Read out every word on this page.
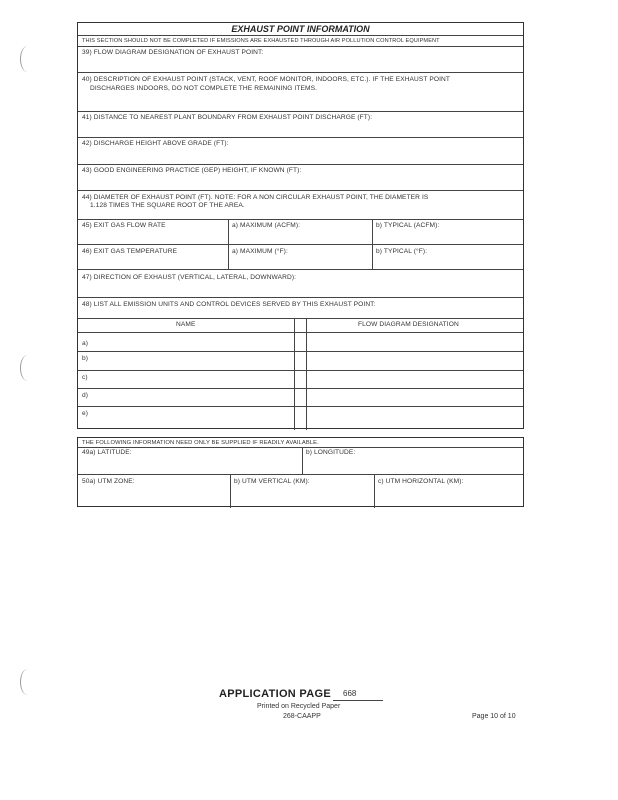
EXHAUST POINT INFORMATION
THIS SECTION SHOULD NOT BE COMPLETED IF EMISSIONS ARE EXHAUSTED THROUGH AIR POLLUTION CONTROL EQUIPMENT
39) FLOW DIAGRAM DESIGNATION OF EXHAUST POINT:
40) DESCRIPTION OF EXHAUST POINT (STACK, VENT, ROOF MONITOR, INDOORS, ETC.). IF THE EXHAUST POINT
DISCHARGES INDOORS, DO NOT COMPLETE THE REMAINING ITEMS.
41) DISTANCE TO NEAREST PLANT BOUNDARY FROM EXHAUST POINT DISCHARGE (FT):
42) DISCHARGE HEIGHT ABOVE GRADE (FT):
43) GOOD ENGINEERING PRACTICE (GEP) HEIGHT, IF KNOWN (FT):
44) DIAMETER OF EXHAUST POINT (FT). NOTE: FOR A NON CIRCULAR EXHAUST POINT, THE DIAMETER IS
1.128 TIMES THE SQUARE ROOT OF THE AREA.
45) EXIT GAS FLOW RATE	a) MAXIMUM (ACFM):	b) TYPICAL (ACFM):
46) EXIT GAS TEMPERATURE	a) MAXIMUM (°F):	b) TYPICAL (°F):
47) DIRECTION OF EXHAUST (VERTICAL, LATERAL, DOWNWARD):
48) LIST ALL EMISSION UNITS AND CONTROL DEVICES SERVED BY THIS EXHAUST POINT:
NAME	FLOW DIAGRAM DESIGNATION
a)
b)
c)
d)
e)
THE FOLLOWING INFORMATION NEED ONLY BE SUPPLIED IF READILY AVAILABLE.
49a) LATITUDE:	b) LONGITUDE:
50a) UTM ZONE:	b) UTM VERTICAL (KM):	c) UTM HORIZONTAL (KM):
APPLICATION PAGE 668
Printed on Recycled Paper
268-CAAPP	Page 10 of 10
